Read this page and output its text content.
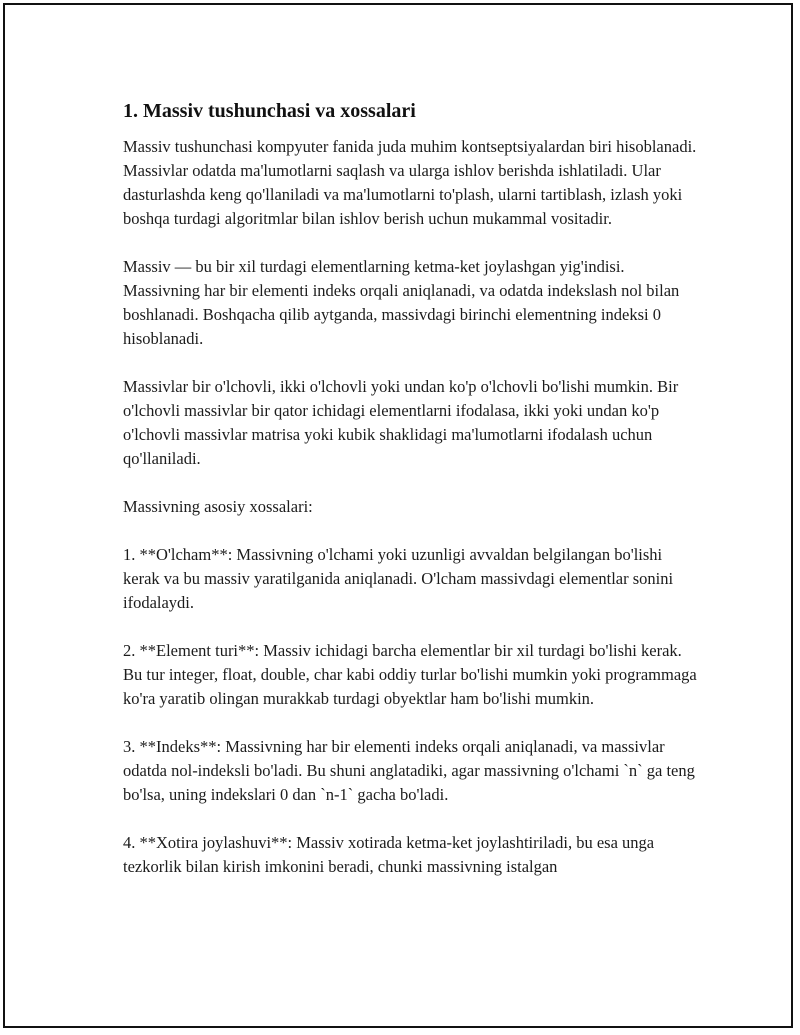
1. Massiv tushunchasi va xossalari

Massiv tushunchasi kompyuter fanida juda muhim kontseptsiyalardan biri hisoblanadi. Massivlar odatda ma'lumotlarni saqlash va ularga ishlov berishda ishlatiladi. Ular dasturlashda keng qo'llaniladi va ma'lumotlarni to'plash, ularni tartiblash, izlash yoki boshqa turdagi algoritmlar bilan ishlov berish uchun mukammal vositadir.

Massiv — bu bir xil turdagi elementlarning ketma-ket joylashgan yig'indisi. Massivning har bir elementi indeks orqali aniqlanadi, va odatda indekslash nol bilan boshlanadi. Boshqacha qilib aytganda, massivdagi birinchi elementning indeksi 0 hisoblanadi.

Massivlar bir o'lchovli, ikki o'lchovli yoki undan ko'p o'lchovli bo'lishi mumkin. Bir o'lchovli massivlar bir qator ichidagi elementlarni ifodalasa, ikki yoki undan ko'p o'lchovli massivlar matrisa yoki kubik shaklidagi ma'lumotlarni ifodalash uchun qo'llaniladi.

Massivning asosiy xossalari:

1. **O'lcham**: Massivning o'lchami yoki uzunligi avvaldan belgilangan bo'lishi kerak va bu massiv yaratilganida aniqlanadi. O'lcham massivdagi elementlar sonini ifodalaydi.

2. **Element turi**: Massiv ichidagi barcha elementlar bir xil turdagi bo'lishi kerak. Bu tur integer, float, double, char kabi oddiy turlar bo'lishi mumkin yoki programmaga ko'ra yaratib olingan murakkab turdagi obyektlar ham bo'lishi mumkin.

3. **Indeks**: Massivning har bir elementi indeks orqali aniqlanadi, va massivlar odatda nol-indeksli bo'ladi. Bu shuni anglatadiki, agar massivning o'lchami `n` ga teng bo'lsa, uning indekslari 0 dan `n-1` gacha bo'ladi.

4. **Xotira joylashuvi**: Massiv xotirada ketma-ket joylashtiriladi, bu esa unga tezkorlik bilan kirish imkonini beradi, chunki massivning istalgan
